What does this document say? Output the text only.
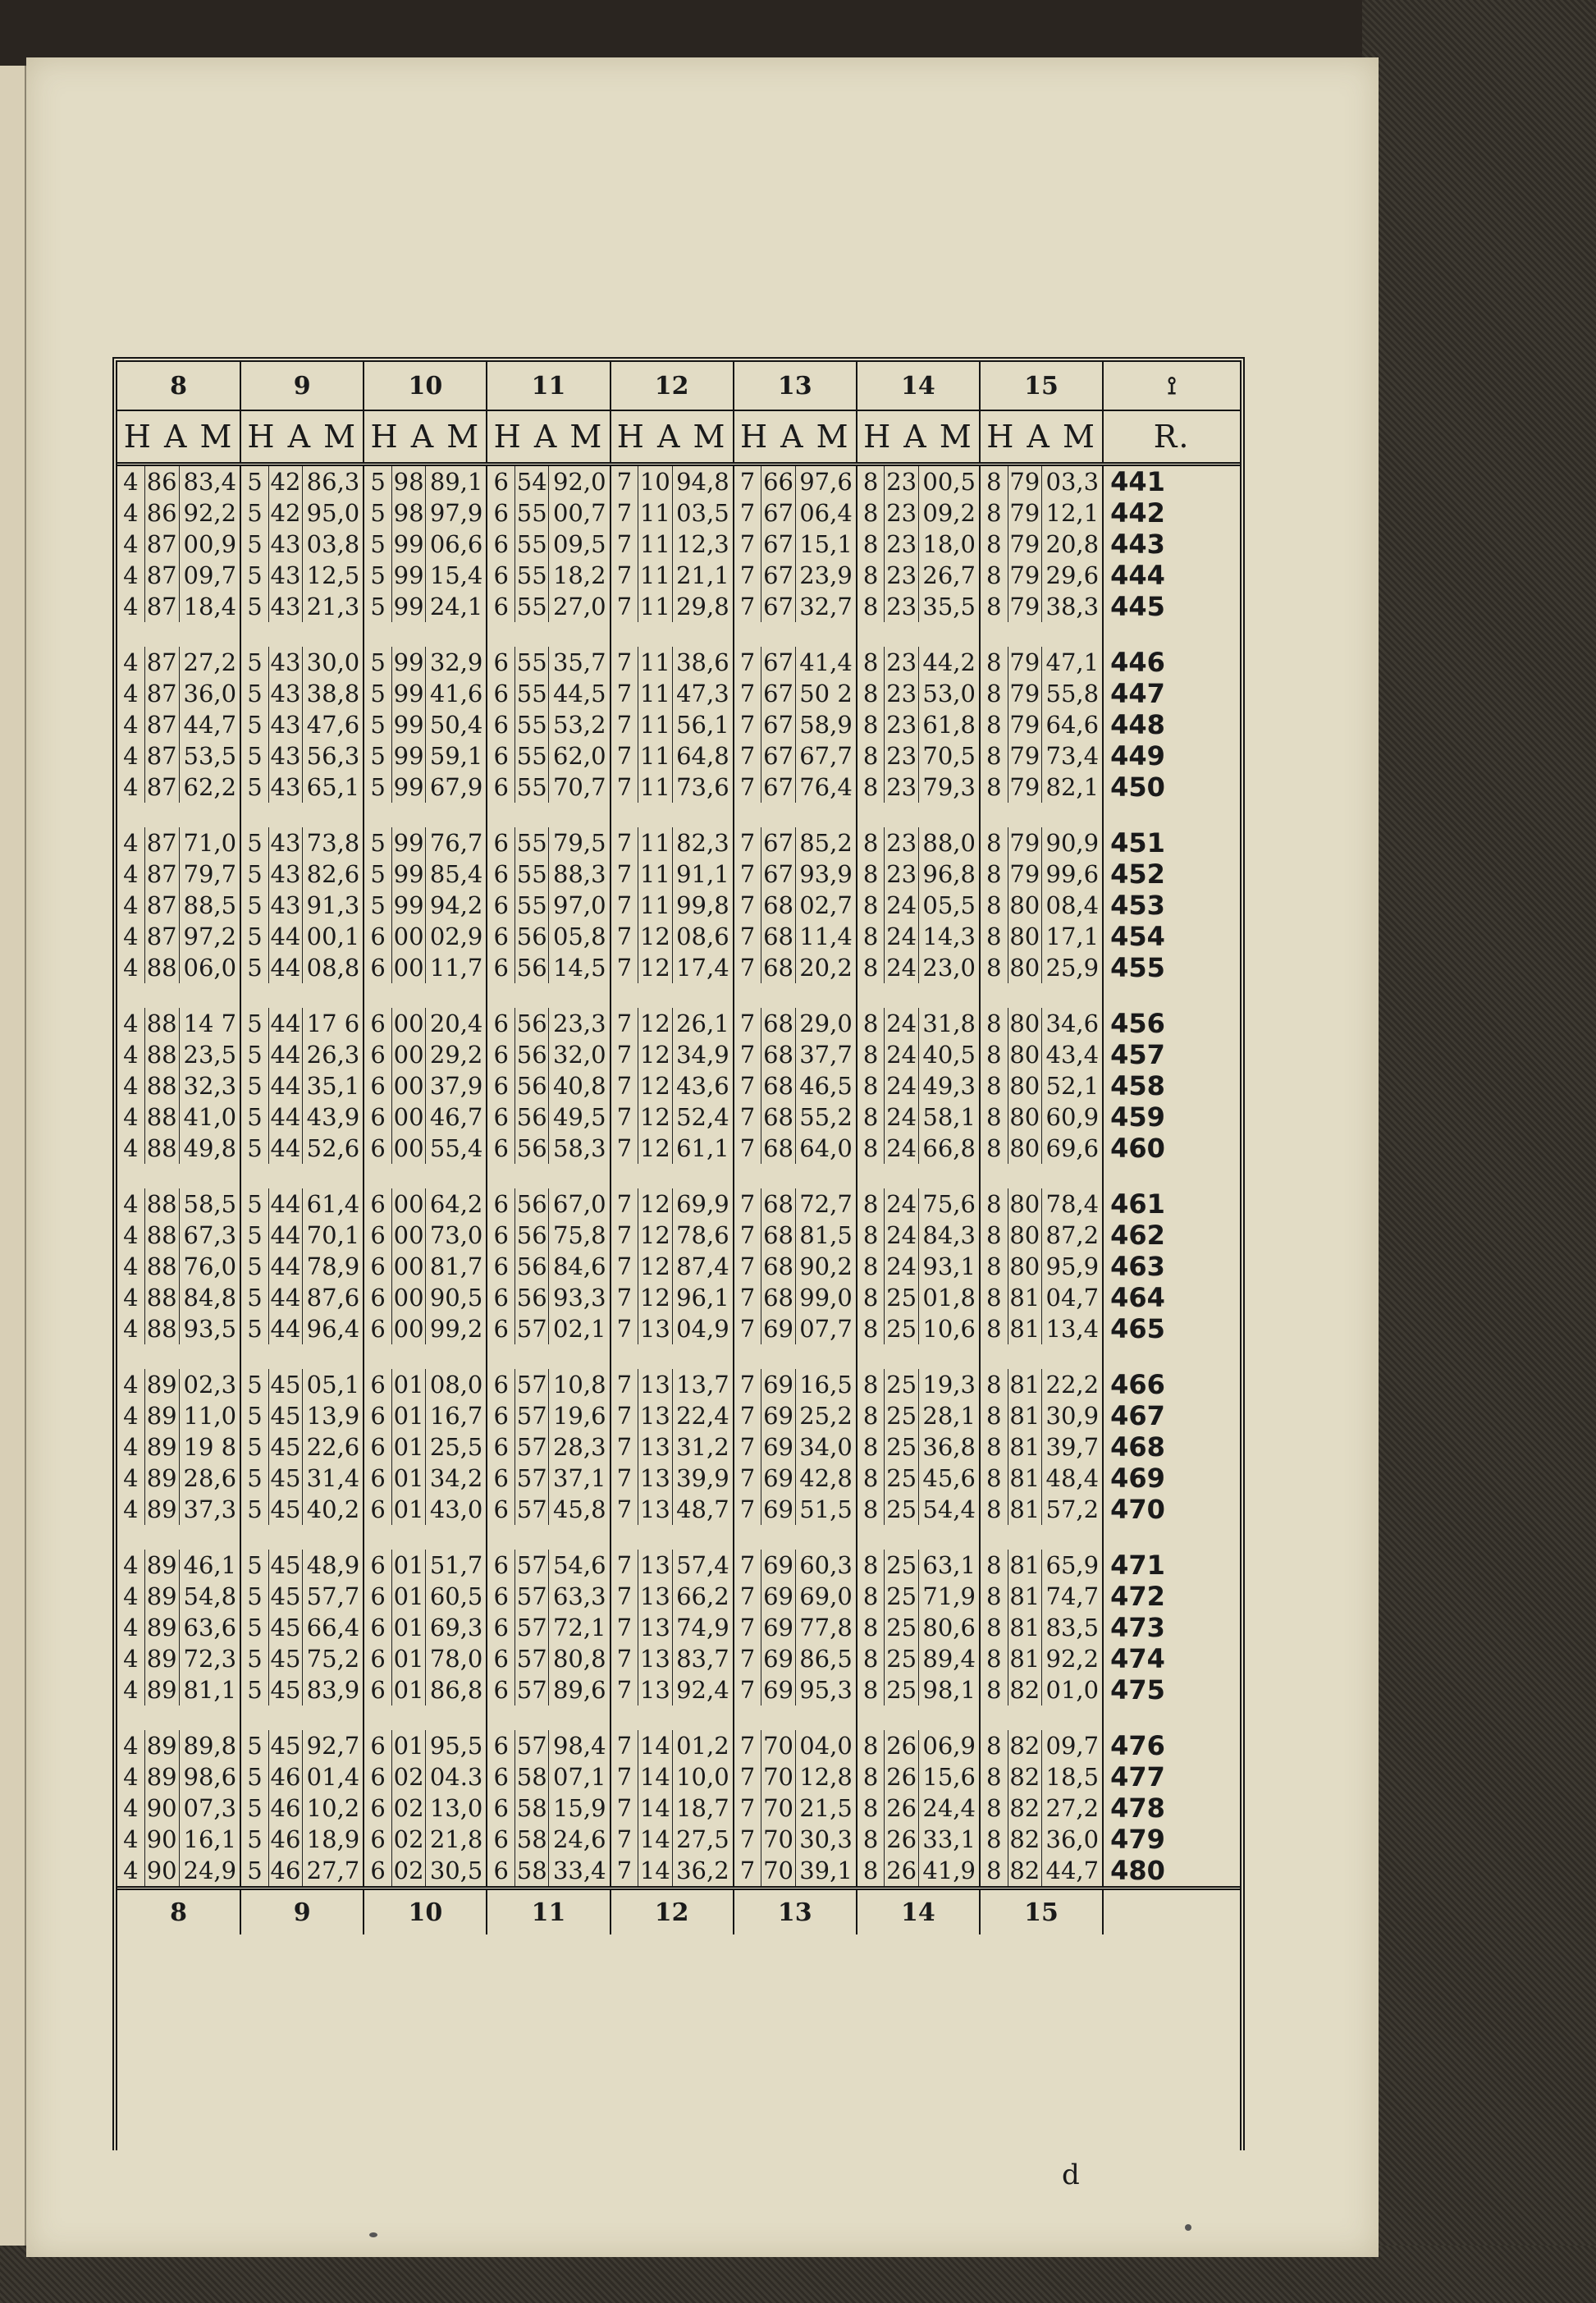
8	9	10	11	12	13	14	15	⟟
H A M	H A M	H A M	H A M	H A M	H A M	H A M	H A M	R.

4 86 83,4	5 42 86,3	5 98 89,1	6 54 92,0	7 10 94,8	7 66 97,6	8 23 00,5	8 79 03,3	441

4 86 92,2	5 42 95,0	5 98 97,9	6 55 00,7	7 11 03,5	7 67 06,4	8 23 09,2	8 79 12,1	442

4 87 00,9	5 43 03,8	5 99 06,6	6 55 09,5	7 11 12,3	7 67 15,1	8 23 18,0	8 79 20,8	443

4 87 09,7	5 43 12,5	5 99 15,4	6 55 18,2	7 11 21,1	7 67 23,9	8 23 26,7	8 79 29,6	444

4 87 18,4	5 43 21,3	5 99 24,1	6 55 27,0	7 11 29,8	7 67 32,7	8 23 35,5	8 79 38,3	445

4 87 27,2	5 43 30,0	5 99 32,9	6 55 35,7	7 11 38,6	7 67 41,4	8 23 44,2	8 79 47,1	446

4 87 36,0	5 43 38,8	5 99 41,6	6 55 44,5	7 11 47,3	7 67 50 2	8 23 53,0	8 79 55,8	447

4 87 44,7	5 43 47,6	5 99 50,4	6 55 53,2	7 11 56,1	7 67 58,9	8 23 61,8	8 79 64,6	448

4 87 53,5	5 43 56,3	5 99 59,1	6 55 62,0	7 11 64,8	7 67 67,7	8 23 70,5	8 79 73,4	449

4 87 62,2	5 43 65,1	5 99 67,9	6 55 70,7	7 11 73,6	7 67 76,4	8 23 79,3	8 79 82,1	450

4 87 71,0	5 43 73,8	5 99 76,7	6 55 79,5	7 11 82,3	7 67 85,2	8 23 88,0	8 79 90,9	451

4 87 79,7	5 43 82,6	5 99 85,4	6 55 88,3	7 11 91,1	7 67 93,9	8 23 96,8	8 79 99,6	452

4 87 88,5	5 43 91,3	5 99 94,2	6 55 97,0	7 11 99,8	7 68 02,7	8 24 05,5	8 80 08,4	453

4 87 97,2	5 44 00,1	6 00 02,9	6 56 05,8	7 12 08,6	7 68 11,4	8 24 14,3	8 80 17,1	454

4 88 06,0	5 44 08,8	6 00 11,7	6 56 14,5	7 12 17,4	7 68 20,2	8 24 23,0	8 80 25,9	455

4 88 14 7	5 44 17 6	6 00 20,4	6 56 23,3	7 12 26,1	7 68 29,0	8 24 31,8	8 80 34,6	456

4 88 23,5	5 44 26,3	6 00 29,2	6 56 32,0	7 12 34,9	7 68 37,7	8 24 40,5	8 80 43,4	457

4 88 32,3	5 44 35,1	6 00 37,9	6 56 40,8	7 12 43,6	7 68 46,5	8 24 49,3	8 80 52,1	458

4 88 41,0	5 44 43,9	6 00 46,7	6 56 49,5	7 12 52,4	7 68 55,2	8 24 58,1	8 80 60,9	459

4 88 49,8	5 44 52,6	6 00 55,4	6 56 58,3	7 12 61,1	7 68 64,0	8 24 66,8	8 80 69,6	460

4 88 58,5	5 44 61,4	6 00 64,2	6 56 67,0	7 12 69,9	7 68 72,7	8 24 75,6	8 80 78,4	461

4 88 67,3	5 44 70,1	6 00 73,0	6 56 75,8	7 12 78,6	7 68 81,5	8 24 84,3	8 80 87,2	462

4 88 76,0	5 44 78,9	6 00 81,7	6 56 84,6	7 12 87,4	7 68 90,2	8 24 93,1	8 80 95,9	463

4 88 84,8	5 44 87,6	6 00 90,5	6 56 93,3	7 12 96,1	7 68 99,0	8 25 01,8	8 81 04,7	464

4 88 93,5	5 44 96,4	6 00 99,2	6 57 02,1	7 13 04,9	7 69 07,7	8 25 10,6	8 81 13,4	465

4 89 02,3	5 45 05,1	6 01 08,0	6 57 10,8	7 13 13,7	7 69 16,5	8 25 19,3	8 81 22,2	466

4 89 11,0	5 45 13,9	6 01 16,7	6 57 19,6	7 13 22,4	7 69 25,2	8 25 28,1	8 81 30,9	467

4 89 19 8	5 45 22,6	6 01 25,5	6 57 28,3	7 13 31,2	7 69 34,0	8 25 36,8	8 81 39,7	468

4 89 28,6	5 45 31,4	6 01 34,2	6 57 37,1	7 13 39,9	7 69 42,8	8 25 45,6	8 81 48,4	469

4 89 37,3	5 45 40,2	6 01 43,0	6 57 45,8	7 13 48,7	7 69 51,5	8 25 54,4	8 81 57,2	470

4 89 46,1	5 45 48,9	6 01 51,7	6 57 54,6	7 13 57,4	7 69 60,3	8 25 63,1	8 81 65,9	471

4 89 54,8	5 45 57,7	6 01 60,5	6 57 63,3	7 13 66,2	7 69 69,0	8 25 71,9	8 81 74,7	472

4 89 63,6	5 45 66,4	6 01 69,3	6 57 72,1	7 13 74,9	7 69 77,8	8 25 80,6	8 81 83,5	473

4 89 72,3	5 45 75,2	6 01 78,0	6 57 80,8	7 13 83,7	7 69 86,5	8 25 89,4	8 81 92,2	474

4 89 81,1	5 45 83,9	6 01 86,8	6 57 89,6	7 13 92,4	7 69 95,3	8 25 98,1	8 82 01,0	475

4 89 89,8	5 45 92,7	6 01 95,5	6 57 98,4	7 14 01,2	7 70 04,0	8 26 06,9	8 82 09,7	476

4 89 98,6	5 46 01,4	6 02 04.3	6 58 07,1	7 14 10,0	7 70 12,8	8 26 15,6	8 82 18,5	477

4 90 07,3	5 46 10,2	6 02 13,0	6 58 15,9	7 14 18,7	7 70 21,5	8 26 24,4	8 82 27,2	478

4 90 16,1	5 46 18,9	6 02 21,8	6 58 24,6	7 14 27,5	7 70 30,3	8 26 33,1	8 82 36,0	479

4 90 24,9	5 46 27,7	6 02 30,5	6 58 33,4	7 14 36,2	7 70 39,1	8 26 41,9	8 82 44,7	480
8	9	10	11	12	13	14	15	
d
